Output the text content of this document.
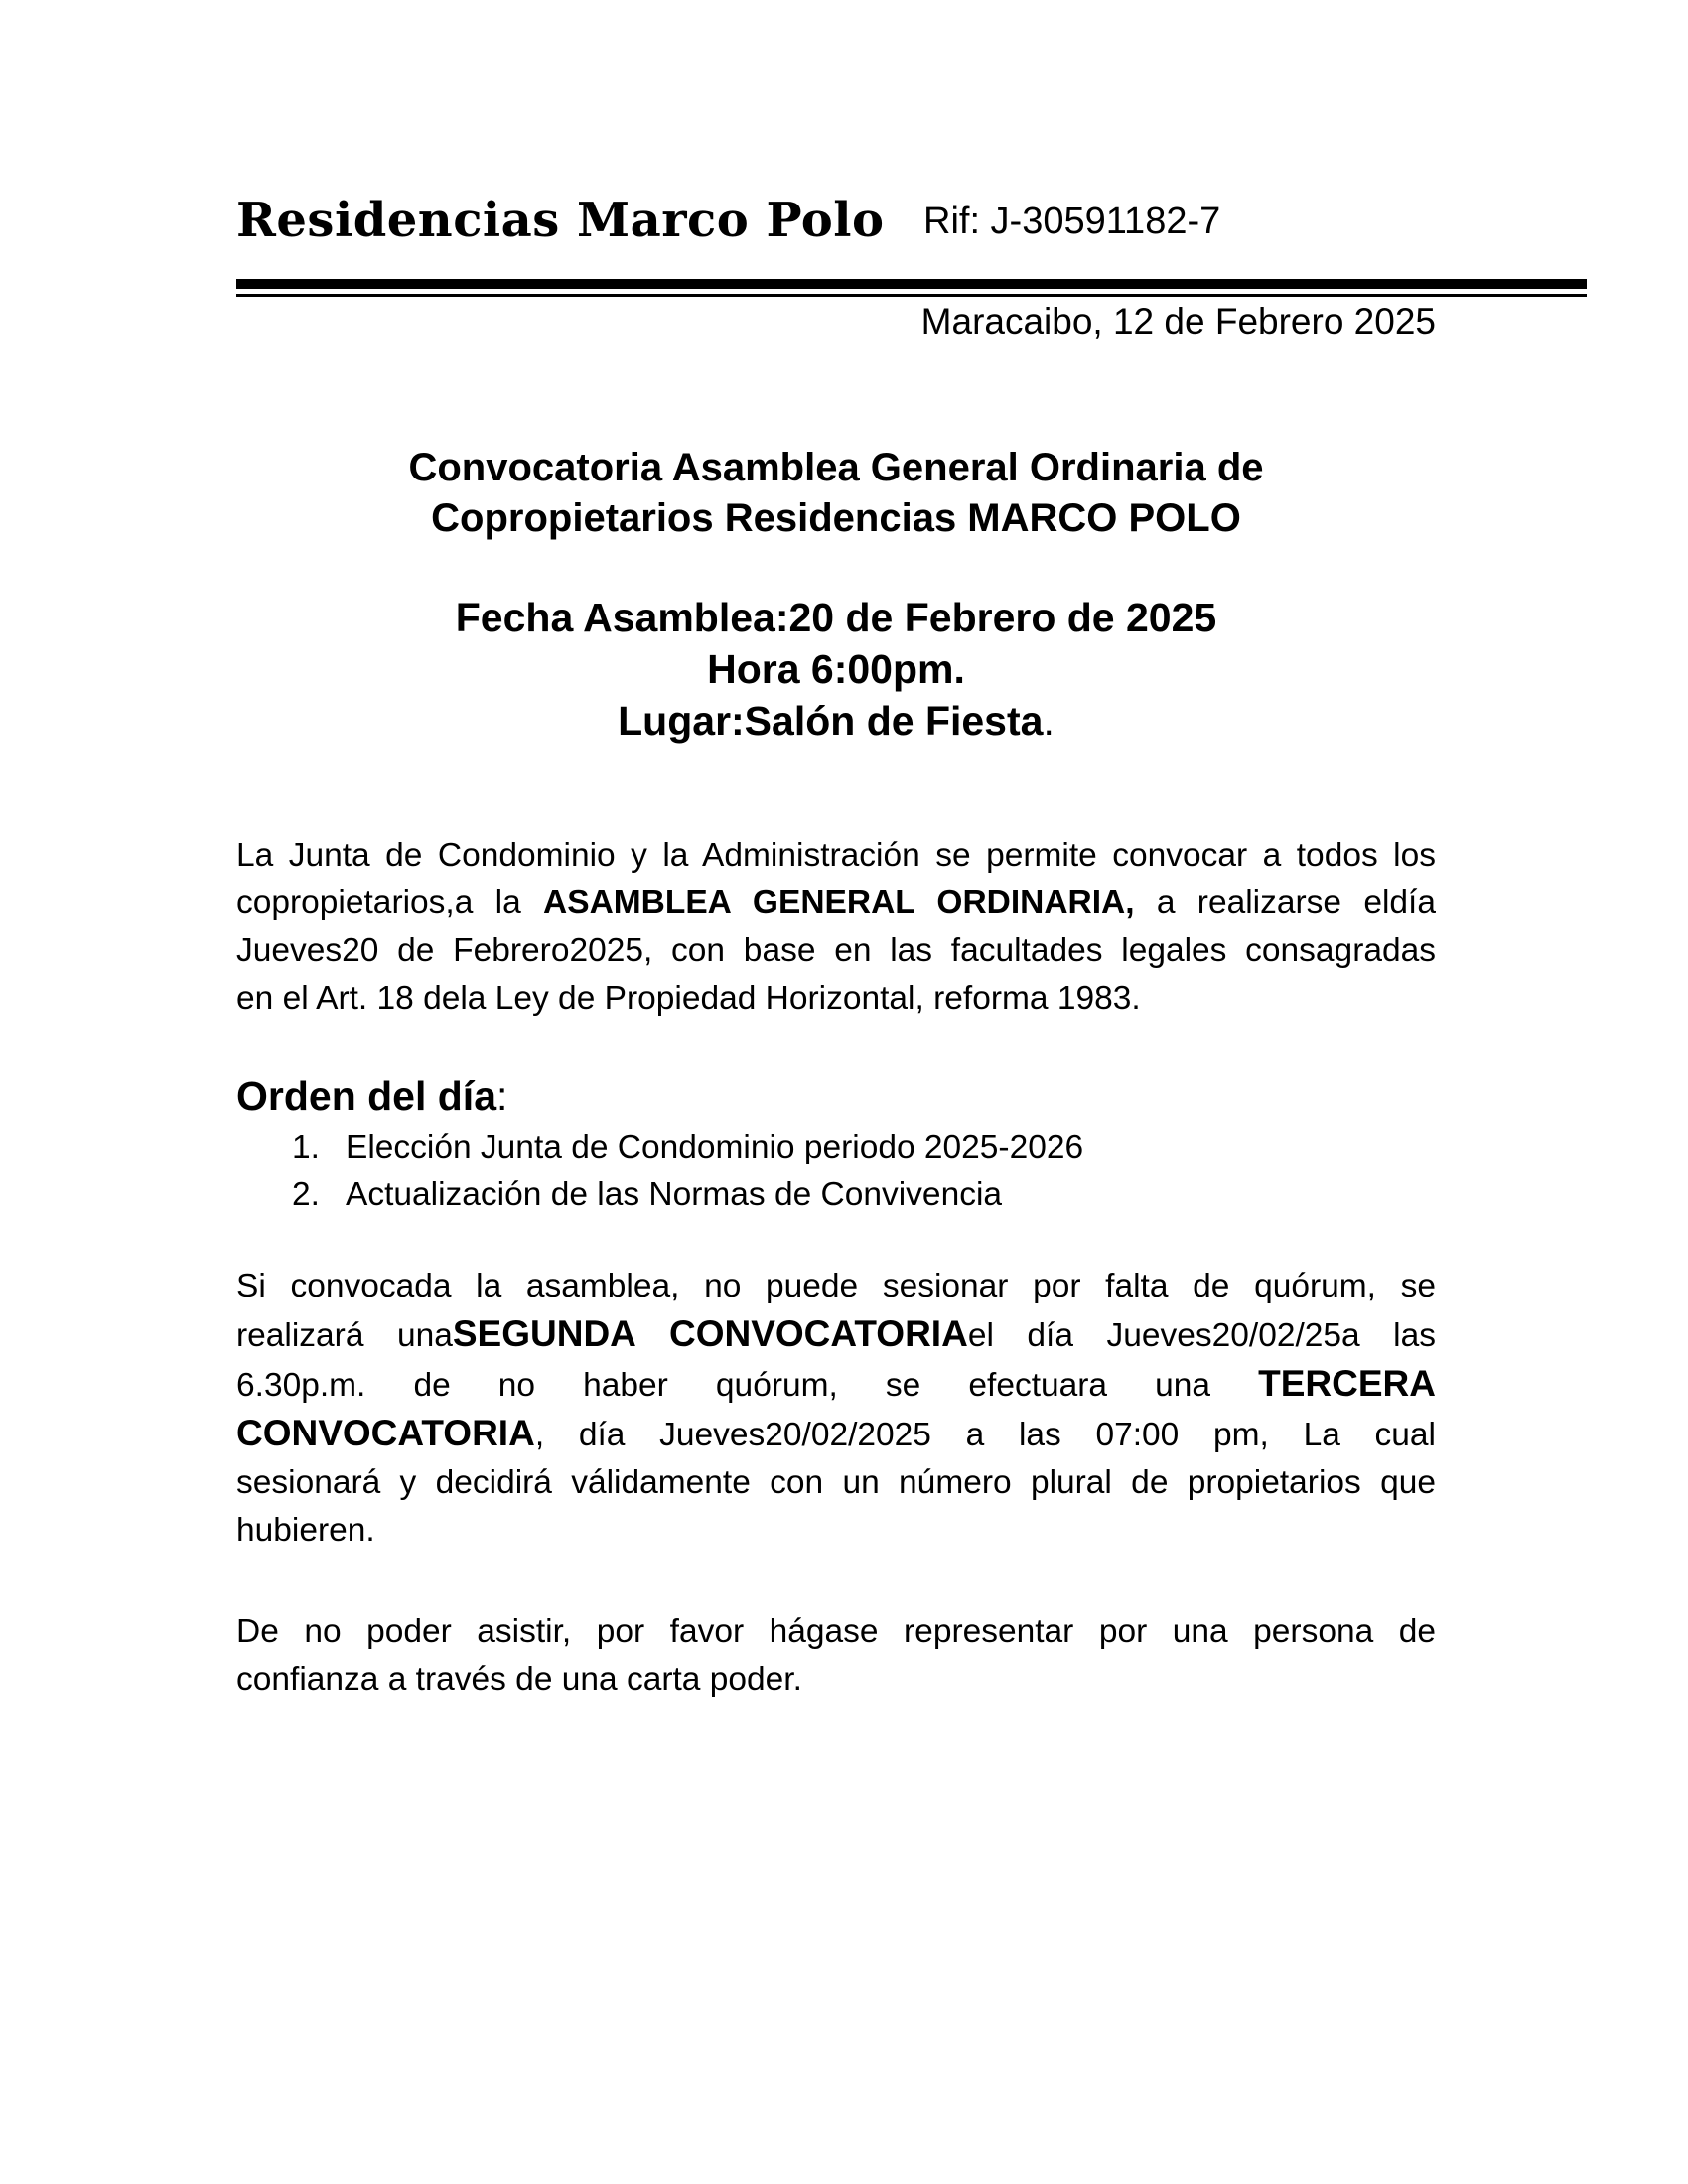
Residencias Marco Polo Rif: J-30591182-7
Maracaibo, 12 de Febrero 2025
Convocatoria Asamblea General Ordinaria de
Copropietarios Residencias MARCO POLO
Fecha Asamblea:20 de Febrero de 2025
Hora 6:00pm.
Lugar:Salón de Fiesta.
La Junta de Condominio y la Administración se permite convocar a todos los
copropietarios,a la ASAMBLEA GENERAL ORDINARIA, a realizarse eldía
Jueves20 de Febrero2025, con base en las facultades legales consagradas
en el Art. 18 dela Ley de Propiedad Horizontal, reforma 1983.
Orden del día:
1. Elección Junta de Condominio periodo 2025-2026
2. Actualización de las Normas de Convivencia
Si convocada la asamblea, no puede sesionar por falta de quórum, se
realizará unaSEGUNDA CONVOCATORIAel día Jueves20/02/25a las
6.30p.m. de no haber quórum, se efectuara una TERCERA
CONVOCATORIA, día Jueves20/02/2025 a las 07:00 pm, La cual
sesionará y decidirá válidamente con un número plural de propietarios que
hubieren.
De no poder asistir, por favor hágase representar por una persona de
confianza a través de una carta poder.
